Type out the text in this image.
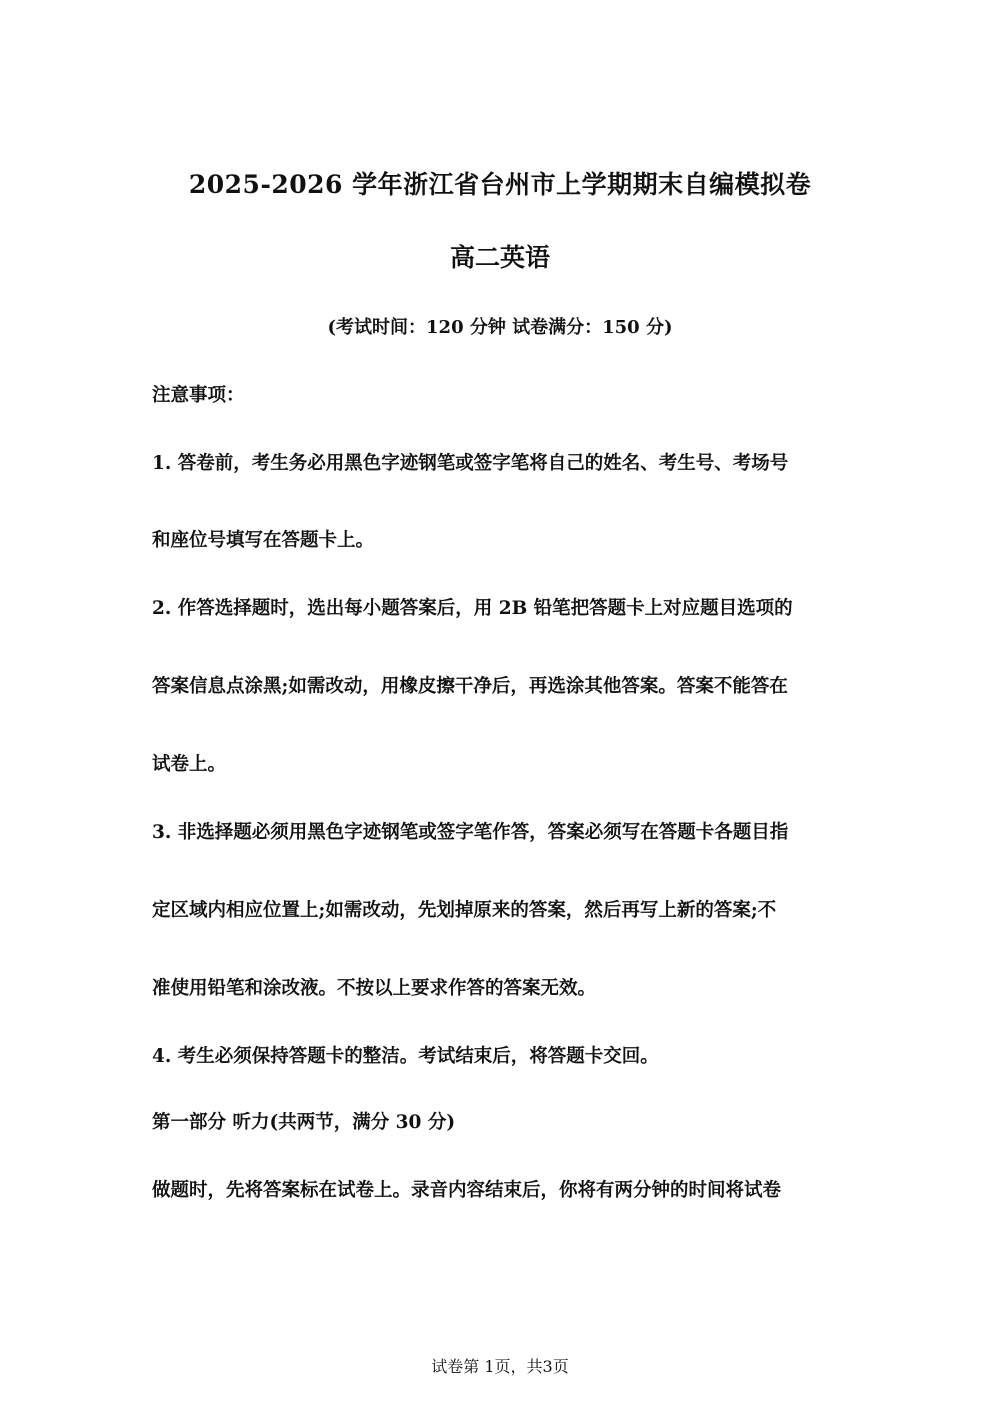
2025-2026 学年浙江省台州市上学期期末自编模拟卷
高二英语
(考试时间：120 分钟 试卷满分：150 分)
注意事项：
1. 答卷前，考生务必用黑色字迹钢笔或签字笔将自己的姓名、考生号、考场号
和座位号填写在答题卡上。
2. 作答选择题时，选出每小题答案后，用 2B 铅笔把答题卡上对应题目选项的
答案信息点涂黑;如需改动，用橡皮擦干净后，再选涂其他答案。答案不能答在
试卷上。
3. 非选择题必须用黑色字迹钢笔或签字笔作答，答案必须写在答题卡各题目指
定区域内相应位置上;如需改动，先划掉原来的答案，然后再写上新的答案;不
准使用铅笔和涂改液。不按以上要求作答的答案无效。
4. 考生必须保持答题卡的整洁。考试结束后，将答题卡交回。
第一部分 听力(共两节，满分 30 分)
做题时，先将答案标在试卷上。录音内容结束后，你将有两分钟的时间将试卷
试卷第 1页，共3页
